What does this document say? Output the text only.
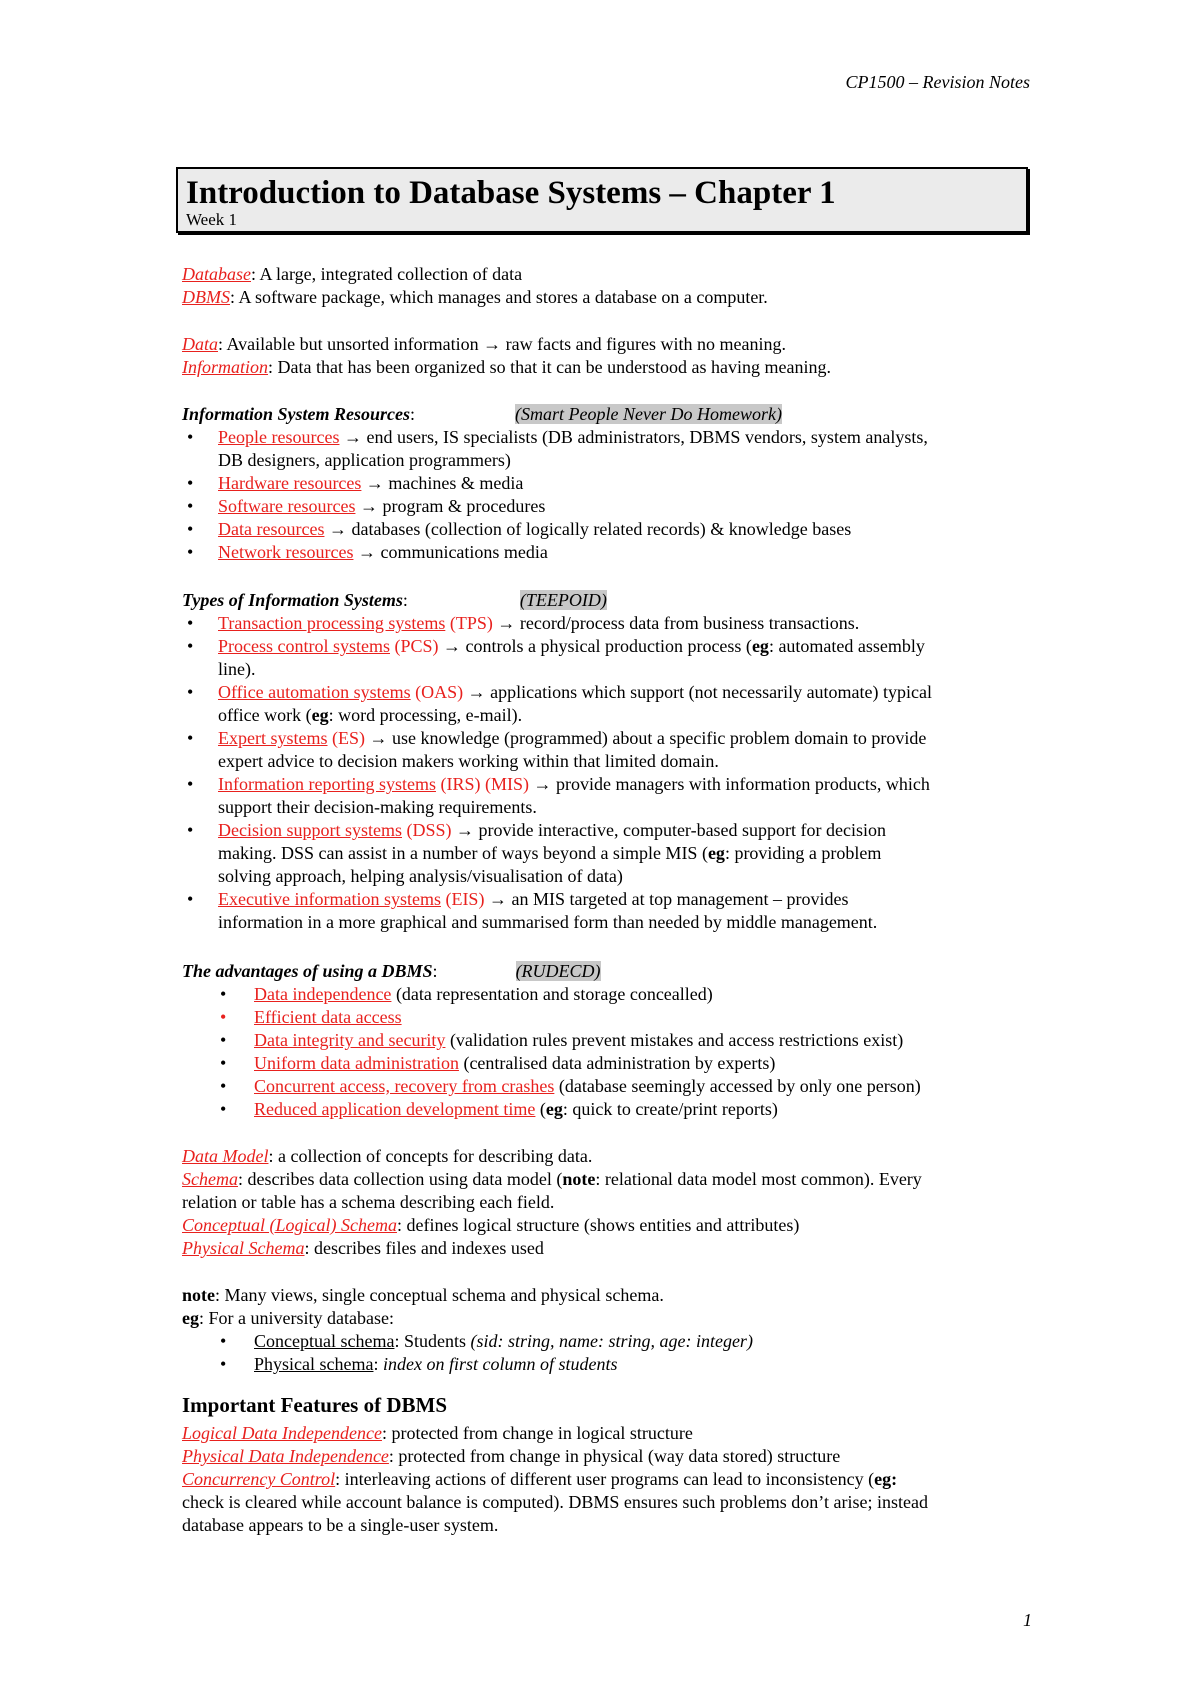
CP1500 – Revision Notes
Introduction to Database Systems – Chapter 1
Week 1
Database: A large, integrated collection of data
DBMS: A software package, which manages and stores a database on a computer.
Data: Available but unsorted information → raw facts and figures with no meaning.
Information: Data that has been organized so that it can be understood as having meaning.
Information System Resources:	(Smart People Never Do Homework)
• People resources → end users, IS specialists (DB administrators, DBMS vendors, system analysts,
DB designers, application programmers)
• Hardware resources → machines & media
• Software resources → program & procedures
• Data resources → databases (collection of logically related records) & knowledge bases
• Network resources → communications media
Types of Information Systems:	(TEEPOID)
• Transaction processing systems (TPS) → record/process data from business transactions.
• Process control systems (PCS) → controls a physical production process (eg: automated assembly
line).
• Office automation systems (OAS) → applications which support (not necessarily automate) typical
office work (eg: word processing, e-mail).
• Expert systems (ES) → use knowledge (programmed) about a specific problem domain to provide
expert advice to decision makers working within that limited domain.
• Information reporting systems (IRS) (MIS) → provide managers with information products, which
support their decision-making requirements.
• Decision support systems (DSS) → provide interactive, computer-based support for decision
making. DSS can assist in a number of ways beyond a simple MIS (eg: providing a problem
solving approach, helping analysis/visualisation of data)
• Executive information systems (EIS) → an MIS targeted at top management – provides
information in a more graphical and summarised form than needed by middle management.
The advantages of using a DBMS:	(RUDECD)
• Data independence (data representation and storage concealled)
• Efficient data access
• Data integrity and security (validation rules prevent mistakes and access restrictions exist)
• Uniform data administration (centralised data administration by experts)
• Concurrent access, recovery from crashes (database seemingly accessed by only one person)
• Reduced application development time (eg: quick to create/print reports)
Data Model: a collection of concepts for describing data.
Schema: describes data collection using data model (note: relational data model most common). Every
relation or table has a schema describing each field.
Conceptual (Logical) Schema: defines logical structure (shows entities and attributes)
Physical Schema: describes files and indexes used
note: Many views, single conceptual schema and physical schema.
eg: For a university database:
• Conceptual schema: Students (sid: string, name: string, age: integer)
• Physical schema: index on first column of students
Important Features of DBMS
Logical Data Independence: protected from change in logical structure
Physical Data Independence: protected from change in physical (way data stored) structure
Concurrency Control: interleaving actions of different user programs can lead to inconsistency (eg:
check is cleared while account balance is computed). DBMS ensures such problems don’t arise; instead
database appears to be a single-user system.
1
